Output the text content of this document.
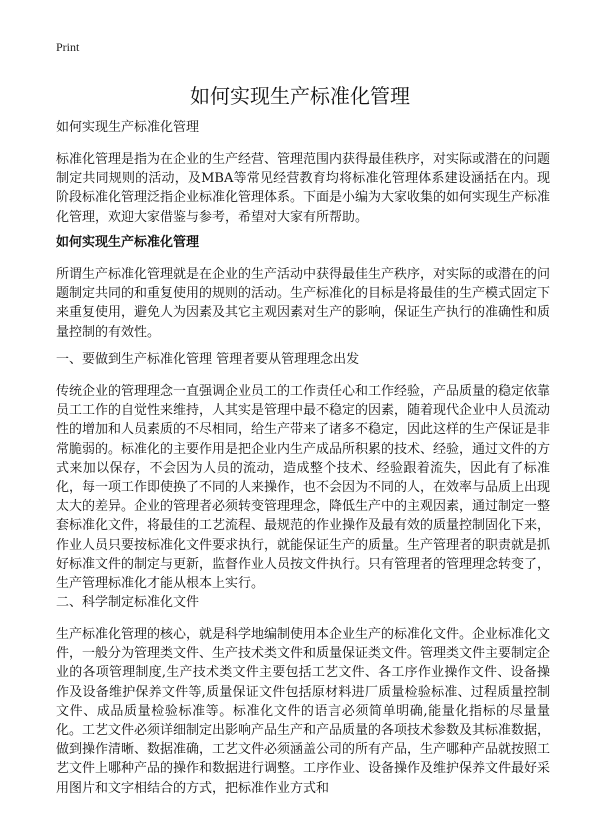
Print
如何实现生产标准化管理

如何实现生产标准化管理

标准化管理是指为在企业的生产经营、管理范围内获得最佳秩序，对实际或潜在的问题制定共同规则的活动，及MBA等常见经营教育均将标准化管理体系建设涵括在内。现阶段标准化管理泛指企业标准化管理体系。下面是小编为大家收集的如何实现生产标准化管理，欢迎大家借鉴与参考，希望对大家有所帮助。

如何实现生产标准化管理

所谓生产标准化管理就是在企业的生产活动中获得最佳生产秩序，对实际的或潜在的问题制定共同的和重复使用的规则的活动。生产标准化的目标是将最佳的生产模式固定下来重复使用，避免人为因素及其它主观因素对生产的影响，保证生产执行的准确性和质量控制的有效性。

一、要做到生产标准化管理 管理者要从管理理念出发

传统企业的管理理念一直强调企业员工的工作责任心和工作经验，产品质量的稳定依靠员工工作的自觉性来维持，人其实是管理中最不稳定的因素，随着现代企业中人员流动性的增加和人员素质的不尽相同，给生产带来了诸多不稳定，因此这样的生产保证是非常脆弱的。标准化的主要作用是把企业内生产成品所积累的技术、经验，通过文件的方式来加以保存，不会因为人员的流动，造成整个技术、经验跟着流失，因此有了标准化，每一项工作即使换了不同的人来操作，也不会因为不同的人，在效率与品质上出现太大的差异。企业的管理者必须转变管理理念，降低生产中的主观因素，通过制定一整套标准化文件，将最佳的工艺流程、最规范的作业操作及最有效的质量控制固化下来，作业人员只要按标准化文件要求执行，就能保证生产的质量。生产管理者的职责就是抓好标准文件的制定与更新，监督作业人员按文件执行。只有管理者的管理理念转变了，生产管理标准化才能从根本上实行。

二、科学制定标准化文件

生产标准化管理的核心，就是科学地编制使用本企业生产的标准化文件。企业标准化文件，一般分为管理类文件、生产技术类文件和质量保证类文件。管理类文件主要制定企业的各项管理制度,生产技术类文件主要包括工艺文件、各工序作业操作文件、设备操作及设备维护保养文件等,质量保证文件包括原材料进厂质量检验标准、过程质量控制文件、成品质量检验标准等。标准化文件的语言必须简单明确,能量化指标的尽量量化。工艺文件必须详细制定出影响产品生产和产品质量的各项技术参数及其标准数据，做到操作清晰、数据准确，工艺文件必须涵盖公司的所有产品，生产哪种产品就按照工艺文件上哪种产品的操作和数据进行调整。工序作业、设备操作及维护保养文件最好采用图片和文字相结合的方式，把标准作业方式和
